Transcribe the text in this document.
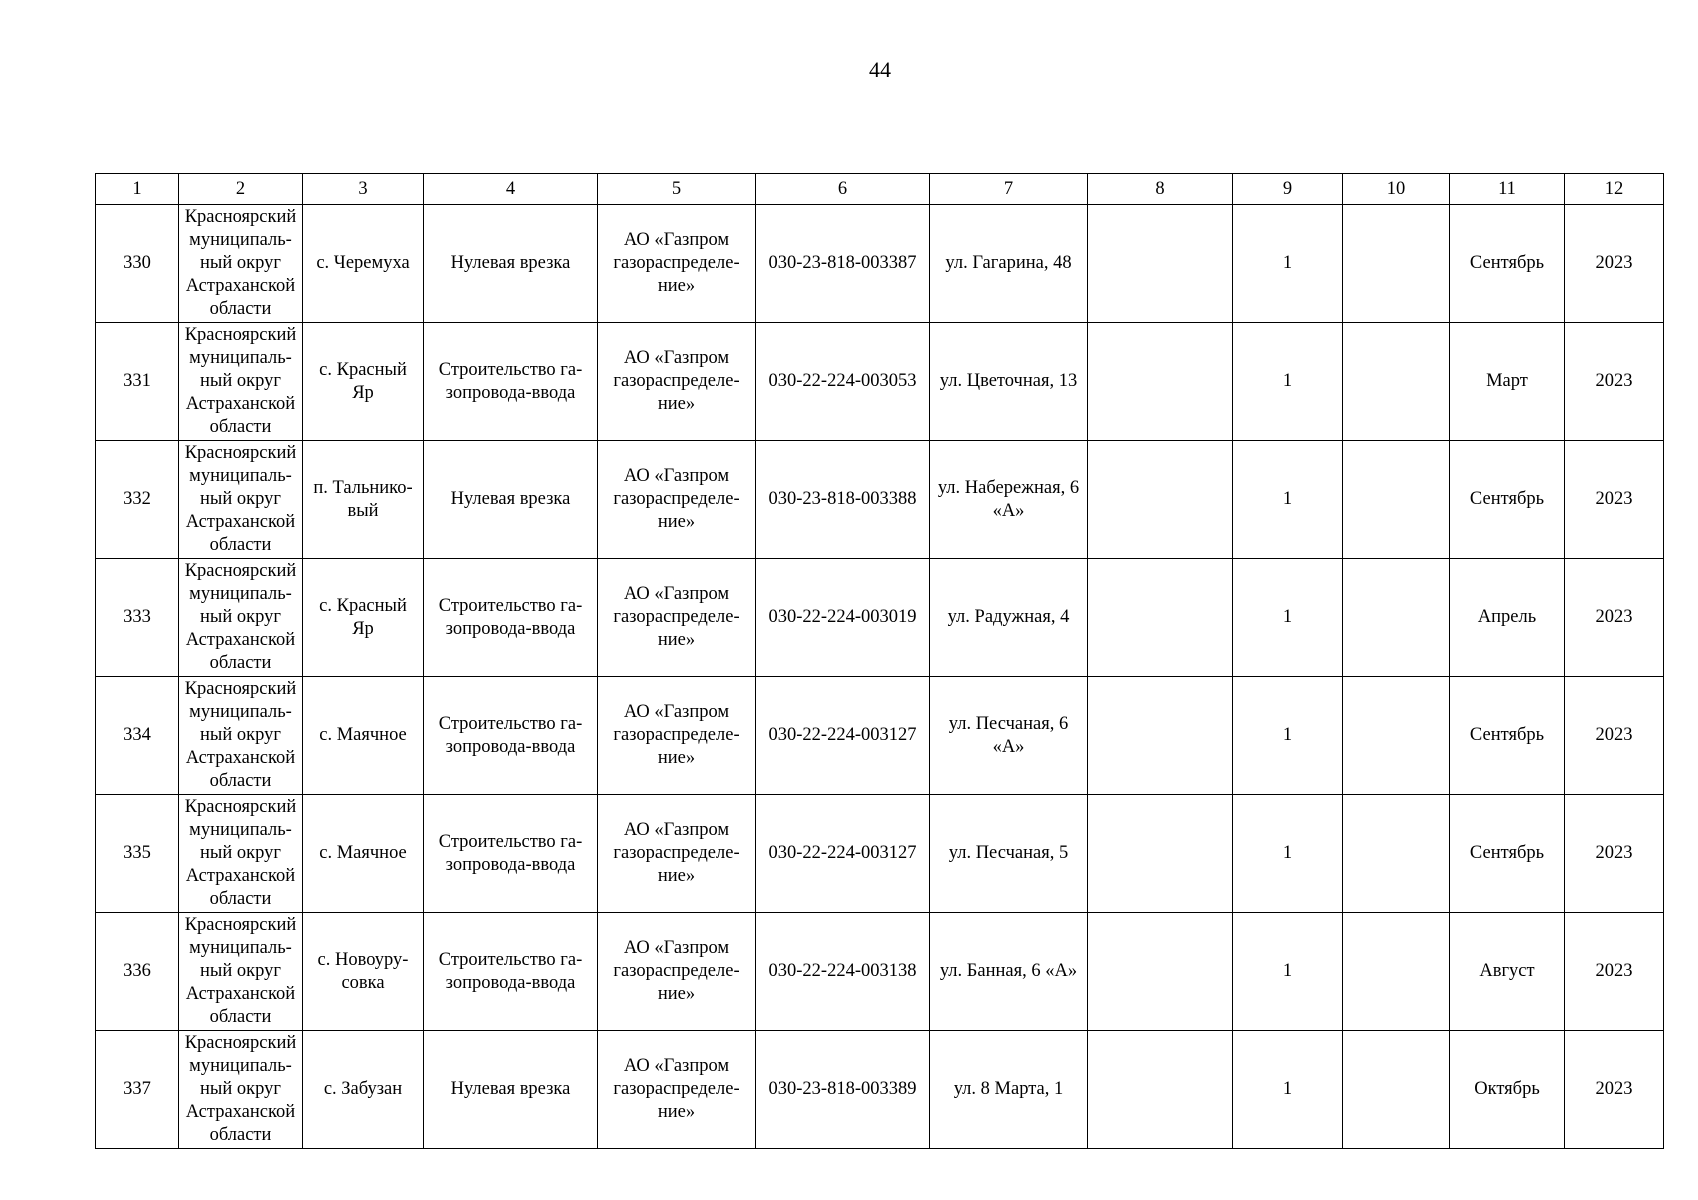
44
1	2	3	4	5	6	7	8	9	10	11	12
330	Красноярский
муниципаль-
ный округ
Астраханской
области	с. Черемуха	Нулевая врезка	АО «Газпром
газораспределе-
ние»	030-23-818-003387	ул. Гагарина, 48		1		Сентябрь	2023
331	Красноярский
муниципаль-
ный округ
Астраханской
области	с. Красный
Яр	Строительство га-
зопровода-ввода	АО «Газпром
газораспределе-
ние»	030-22-224-003053	ул. Цветочная, 13		1		Март	2023
332	Красноярский
муниципаль-
ный округ
Астраханской
области	п. Тальнико-
вый	Нулевая врезка	АО «Газпром
газораспределе-
ние»	030-23-818-003388	ул. Набережная, 6
«А»		1		Сентябрь	2023
333	Красноярский
муниципаль-
ный округ
Астраханской
области	с. Красный
Яр	Строительство га-
зопровода-ввода	АО «Газпром
газораспределе-
ние»	030-22-224-003019	ул. Радужная, 4		1		Апрель	2023
334	Красноярский
муниципаль-
ный округ
Астраханской
области	с. Маячное	Строительство га-
зопровода-ввода	АО «Газпром
газораспределе-
ние»	030-22-224-003127	ул. Песчаная, 6
«А»		1		Сентябрь	2023
335	Красноярский
муниципаль-
ный округ
Астраханской
области	с. Маячное	Строительство га-
зопровода-ввода	АО «Газпром
газораспределе-
ние»	030-22-224-003127	ул. Песчаная, 5		1		Сентябрь	2023
336	Красноярский
муниципаль-
ный округ
Астраханской
области	с. Новоуру-
совка	Строительство га-
зопровода-ввода	АО «Газпром
газораспределе-
ние»	030-22-224-003138	ул. Банная, 6 «А»		1		Август	2023
337	Красноярский
муниципаль-
ный округ
Астраханской
области	с. Забузан	Нулевая врезка	АО «Газпром
газораспределе-
ние»	030-23-818-003389	ул. 8 Марта, 1		1		Октябрь	2023
